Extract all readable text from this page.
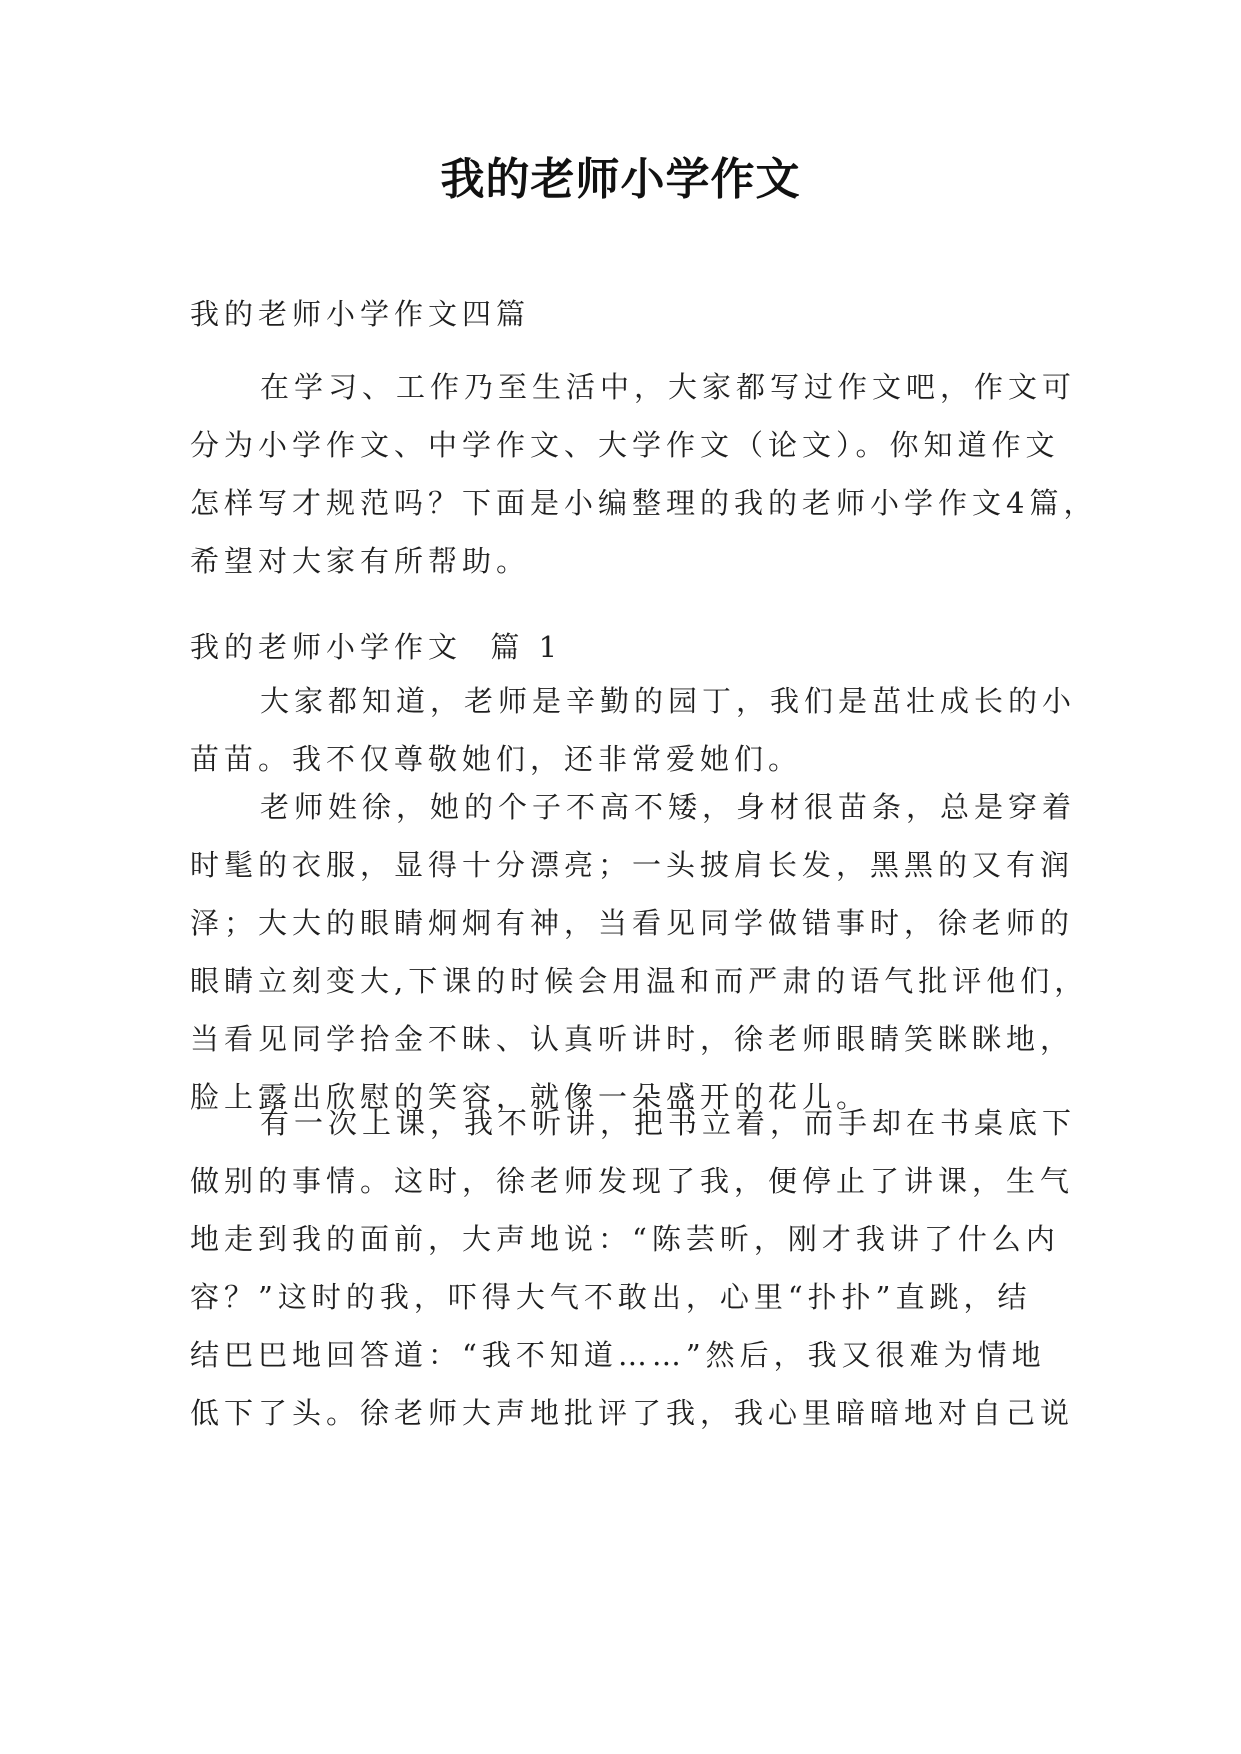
我的老师小学作文

我的老师小学作文四篇

在学习、工作乃至生活中，大家都写过作文吧，作文可
分为小学作文、中学作文、大学作文（论文）。你知道作文
怎样写才规范吗？下面是小编整理的我的老师小学作文4篇，
希望对大家有所帮助。

我的老师小学作文  篇 1

大家都知道，老师是辛勤的园丁，我们是茁壮成长的小
苗苗。我不仅尊敬她们，还非常爱她们。
老师姓徐，她的个子不高不矮，身材很苗条，总是穿着
时髦的衣服，显得十分漂亮；一头披肩长发，黑黑的又有润
泽；大大的眼睛炯炯有神，当看见同学做错事时，徐老师的
眼睛立刻变大,下课的时候会用温和而严肃的语气批评他们，
当看见同学拾金不昧、认真听讲时，徐老师眼睛笑眯眯地，
脸上露出欣慰的笑容，就像一朵盛开的花儿。
有一次上课，我不听讲，把书立着，而手却在书桌底下
做别的事情。这时，徐老师发现了我，便停止了讲课，生气
地走到我的面前，大声地说：“陈芸昕，刚才我讲了什么内
容？”这时的我，吓得大气不敢出，心里“扑扑”直跳，结
结巴巴地回答道：“我不知道……”然后，我又很难为情地
低下了头。徐老师大声地批评了我，我心里暗暗地对自己说
